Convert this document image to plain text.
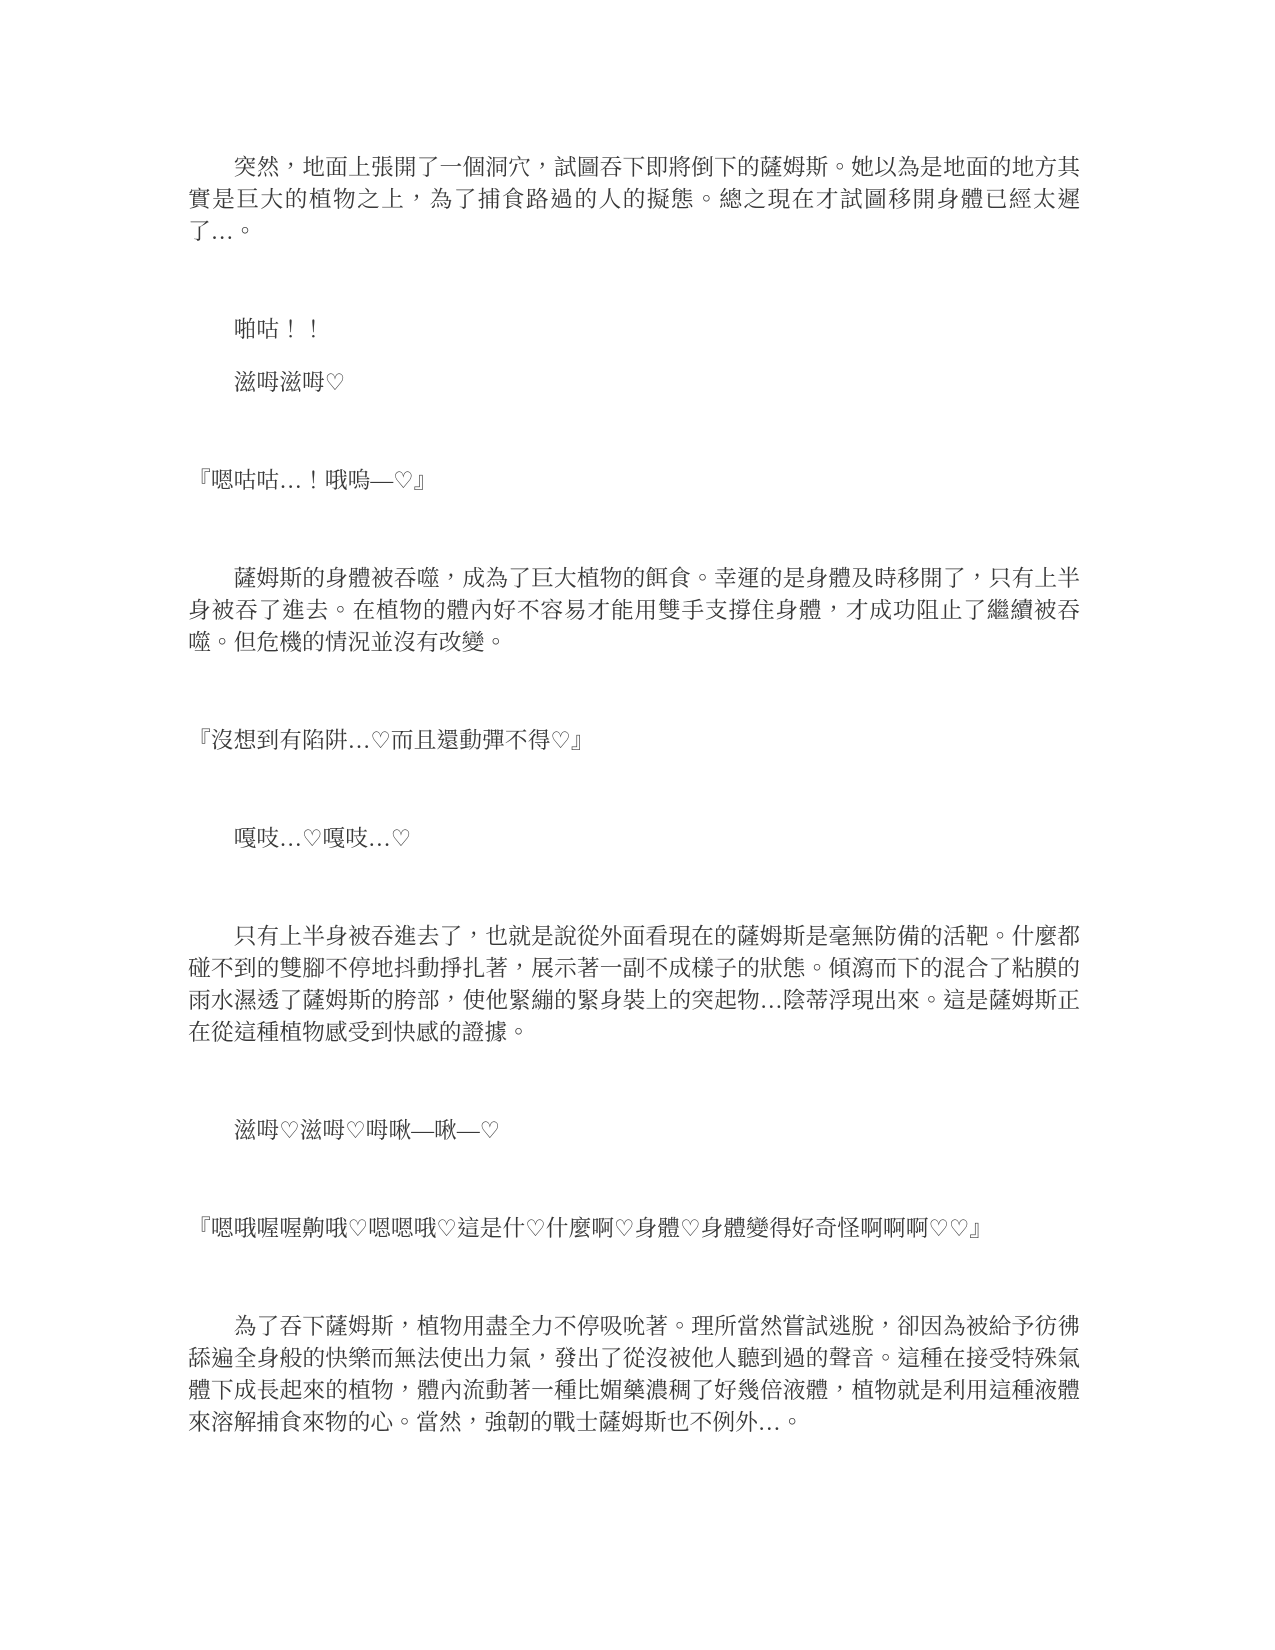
突然，地面上張開了一個洞穴，試圖吞下即將倒下的薩姆斯。她以為是地面的地方其實是巨大的植物之上，為了捕食路過的人的擬態。總之現在才試圖移開身體已經太遲了…。

啪咕！！

滋呣滋呣♡

『嗯咕咕…！哦嗚—♡』

薩姆斯的身體被吞噬，成為了巨大植物的餌食。幸運的是身體及時移開了，只有上半身被吞了進去。在植物的體內好不容易才能用雙手支撐住身體，才成功阻止了繼續被吞噬。但危機的情況並沒有改變。

『沒想到有陷阱…♡而且還動彈不得♡』

嘎吱…♡嘎吱…♡

只有上半身被吞進去了，也就是說從外面看現在的薩姆斯是毫無防備的活靶。什麼都碰不到的雙腳不停地抖動掙扎著，展示著一副不成樣子的狀態。傾瀉而下的混合了粘膜的雨水濕透了薩姆斯的胯部，使他緊繃的緊身裝上的突起物…陰蒂浮現出來。這是薩姆斯正在從這種植物感受到快感的證據。

滋呣♡滋呣♡呣啾—啾—♡

『嗯哦喔喔齁哦♡嗯嗯哦♡這是什♡什麼啊♡身體♡身體變得好奇怪啊啊啊♡♡』

為了吞下薩姆斯，植物用盡全力不停吸吮著。理所當然嘗試逃脫，卻因為被給予彷彿舔遍全身般的快樂而無法使出力氣，發出了從沒被他人聽到過的聲音。這種在接受特殊氣體下成長起來的植物，體內流動著一種比媚藥濃稠了好幾倍液體，植物就是利用這種液體來溶解捕食來物的心。當然，強韌的戰士薩姆斯也不例外…。
